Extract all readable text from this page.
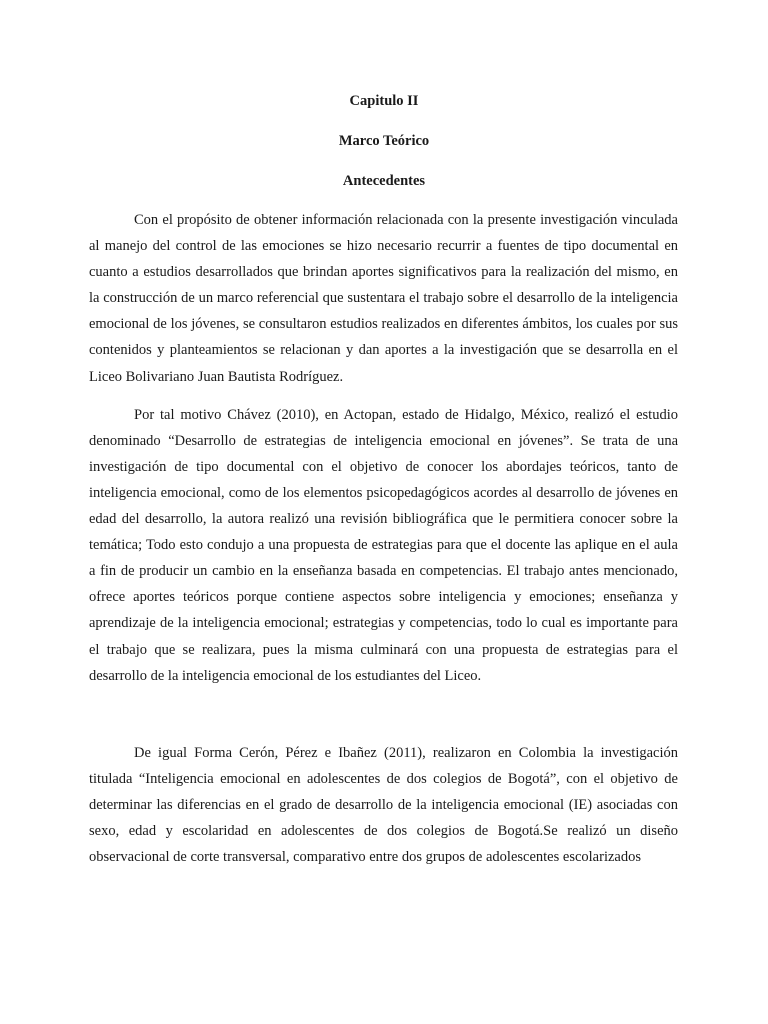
Capitulo II
Marco Teórico
Antecedentes

Con el propósito de obtener información relacionada con la presente investigación vinculada al manejo del control de las emociones se hizo necesario recurrir a fuentes de tipo documental en cuanto a estudios desarrollados que brindan aportes significativos para la realización del mismo, en la construcción de un marco referencial que sustentara el trabajo sobre el desarrollo de la inteligencia emocional de los jóvenes, se consultaron estudios realizados en diferentes ámbitos, los cuales por sus contenidos y planteamientos se relacionan y dan aportes a la investigación que se desarrolla en el Liceo Bolivariano Juan Bautista Rodríguez.

Por tal motivo Chávez (2010), en Actopan, estado de Hidalgo, México, realizó el estudio denominado “Desarrollo de estrategias de inteligencia emocional en jóvenes”. Se trata de una investigación de tipo documental con el objetivo de conocer los abordajes teóricos, tanto de inteligencia emocional, como de los elementos psicopedagógicos acordes al desarrollo de jóvenes en edad del desarrollo, la autora realizó una revisión bibliográfica que le permitiera conocer sobre la temática; Todo esto condujo a una propuesta de estrategias para que el docente las aplique en el aula a fin de producir un cambio en la enseñanza basada en competencias. El trabajo antes mencionado, ofrece aportes teóricos porque contiene aspectos sobre inteligencia y emociones; enseñanza y aprendizaje de la inteligencia emocional; estrategias y competencias, todo lo cual es importante para el trabajo que se realizara, pues la misma culminará con una propuesta de estrategias para el desarrollo de la inteligencia emocional de los estudiantes del Liceo.

De igual Forma Cerón, Pérez e Ibañez (2011), realizaron en Colombia la investigación titulada “Inteligencia emocional en adolescentes de dos colegios de Bogotá”, con el objetivo de determinar las diferencias en el grado de desarrollo de la inteligencia emocional (IE) asociadas con sexo, edad y escolaridad en adolescentes de dos colegios de Bogotá.Se realizó un diseño observacional de corte transversal, comparativo entre dos grupos de adolescentes escolarizados
